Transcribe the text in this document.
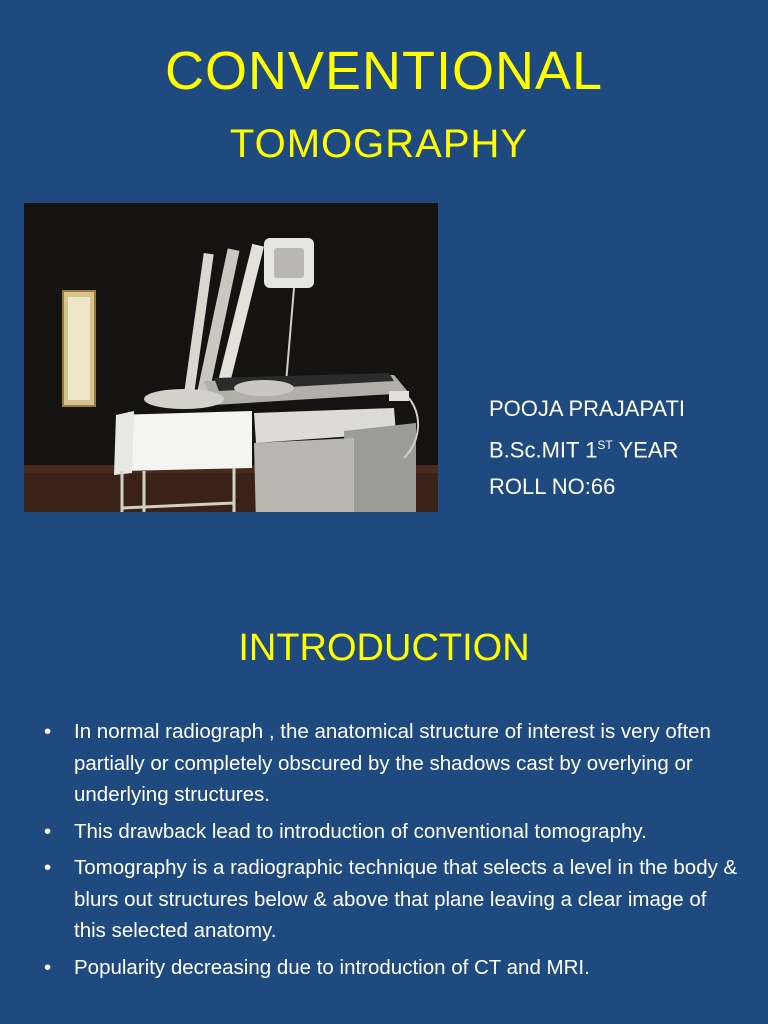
CONVENTIONAL
TOMOGRAPHY
POOJA PRAJAPATI
B.Sc.MIT 1ST YEAR
ROLL NO:66
INTRODUCTION
• In normal radiograph , the anatomical structure of interest is very often partially or completely obscured by the shadows cast by overlying or underlying structures.
• This drawback lead to introduction of conventional tomography.
• Tomography is a radiographic technique that selects a level in the body & blurs out structures below & above that plane leaving a clear image of this selected anatomy.
• Popularity decreasing due to introduction of CT and MRI.
